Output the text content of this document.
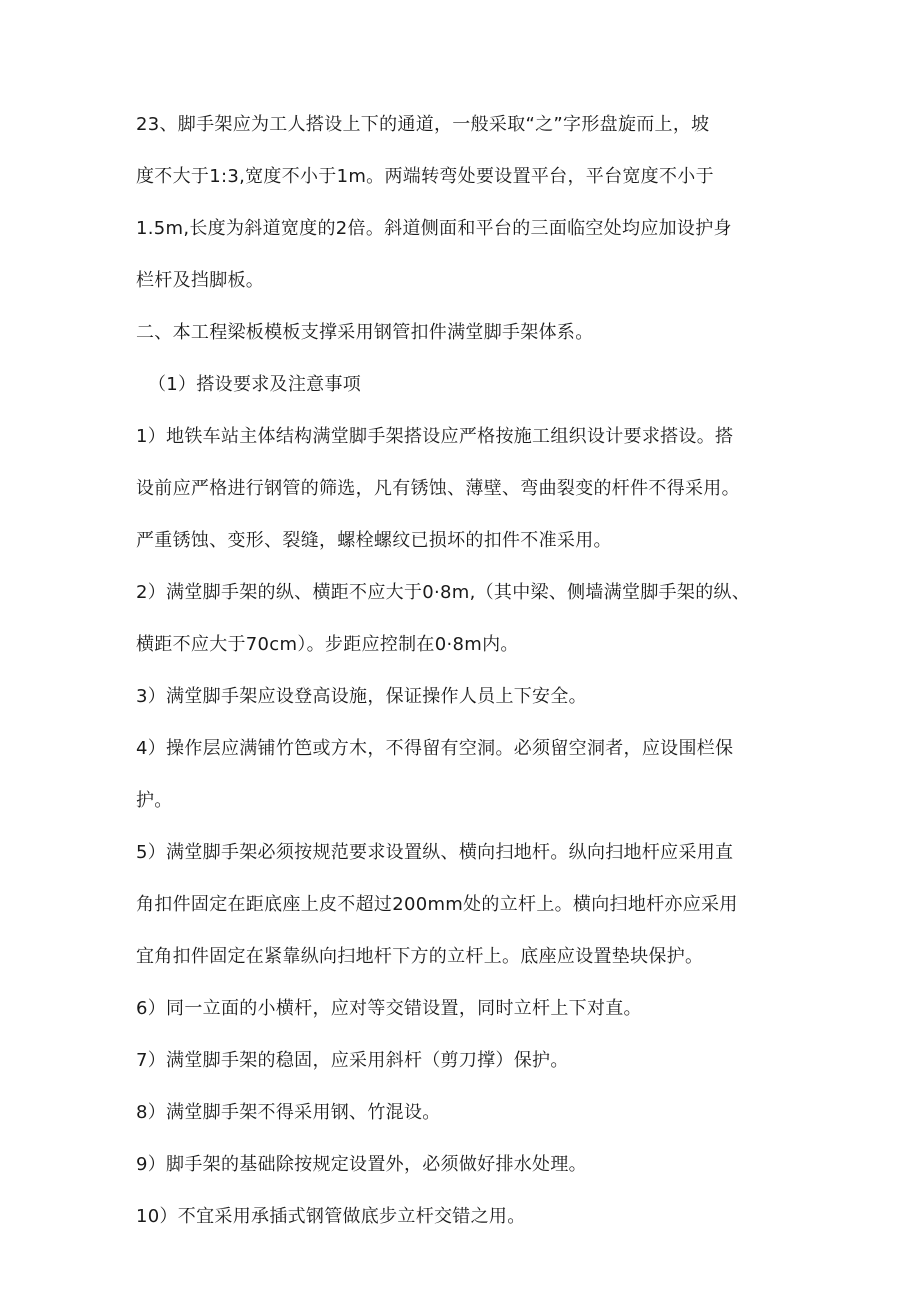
23、脚手架应为工人搭设上下的通道，一般采取“之”字形盘旋而上，坡
度不大于1:3,宽度不小于1m。两端转弯处要设置平台，平台宽度不小于
1.5m,长度为斜道宽度的2倍。斜道侧面和平台的三面临空处均应加设护身
栏杆及挡脚板。
二、本工程梁板模板支撑采用钢管扣件满堂脚手架体系。
（1）搭设要求及注意事项
1）地铁车站主体结构满堂脚手架搭设应严格按施工组织设计要求搭设。搭
设前应严格进行钢管的筛选，凡有锈蚀、薄壁、弯曲裂变的杆件不得采用。
严重锈蚀、变形、裂缝，螺栓螺纹已损坏的扣件不准采用。
2）满堂脚手架的纵、横距不应大于0·8m,（其中梁、侧墙满堂脚手架的纵、
横距不应大于70cm）。步距应控制在0·8m内。
3）满堂脚手架应设登高设施，保证操作人员上下安全。
4）操作层应满铺竹笆或方木，不得留有空洞。必须留空洞者，应设围栏保
护。
5）满堂脚手架必须按规范要求设置纵、横向扫地杆。纵向扫地杆应采用直
角扣件固定在距底座上皮不超过200mm处的立杆上。横向扫地杆亦应采用
宜角扣件固定在紧靠纵向扫地杆下方的立杆上。底座应设置垫块保护。
6）同一立面的小横杆，应对等交错设置，同时立杆上下对直。
7）满堂脚手架的稳固，应采用斜杆（剪刀撑）保护。
8）满堂脚手架不得采用钢、竹混设。
9）脚手架的基础除按规定设置外，必须做好排水处理。
10）不宜采用承插式钢管做底步立杆交错之用。
